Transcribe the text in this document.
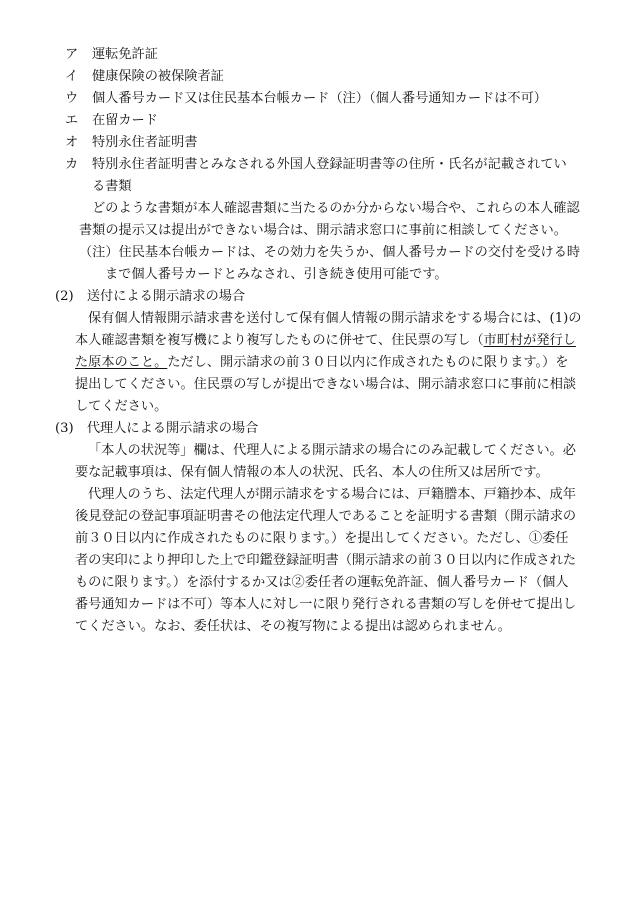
ア	運転免許証
イ	健康保険の被保険者証
ウ	個人番号カード又は住民基本台帳カード（注）（個人番号通知カードは不可）
エ	在留カード
オ	特別永住者証明書
カ	特別永住者証明書とみなされる外国人登録証明書等の住所・氏名が記載されてい
る書類
どのような書類が本人確認書類に当たるのか分からない場合や、これらの本人確認
書類の提示又は提出ができない場合は、開示請求窓口に事前に相談してください。
（注）住民基本台帳カードは、その効力を失うか、個人番号カードの交付を受ける時
まで個人番号カードとみなされ、引き続き使用可能です。
(2)　送付による開示請求の場合
保有個人情報開示請求書を送付して保有個人情報の開示請求をする場合には、(1)の
本人確認書類を複写機により複写したものに併せて、住民票の写し（市町村が発行し
た原本のこと。ただし、開示請求の前３０日以内に作成されたものに限ります。）を
提出してください。住民票の写しが提出できない場合は、開示請求窓口に事前に相談
してください。
(3)　代理人による開示請求の場合
「本人の状況等」欄は、代理人による開示請求の場合にのみ記載してください。必
要な記載事項は、保有個人情報の本人の状況、氏名、本人の住所又は居所です。
代理人のうち、法定代理人が開示請求をする場合には、戸籍謄本、戸籍抄本、成年
後見登記の登記事項証明書その他法定代理人であることを証明する書類（開示請求の
前３０日以内に作成されたものに限ります。）を提出してください。ただし、①委任
者の実印により押印した上で印鑑登録証明書（開示請求の前３０日以内に作成された
ものに限ります。）を添付するか又は②委任者の運転免許証、個人番号カード（個人
番号通知カードは不可）等本人に対し一に限り発行される書類の写しを併せて提出し
てください。なお、委任状は、その複写物による提出は認められません。
